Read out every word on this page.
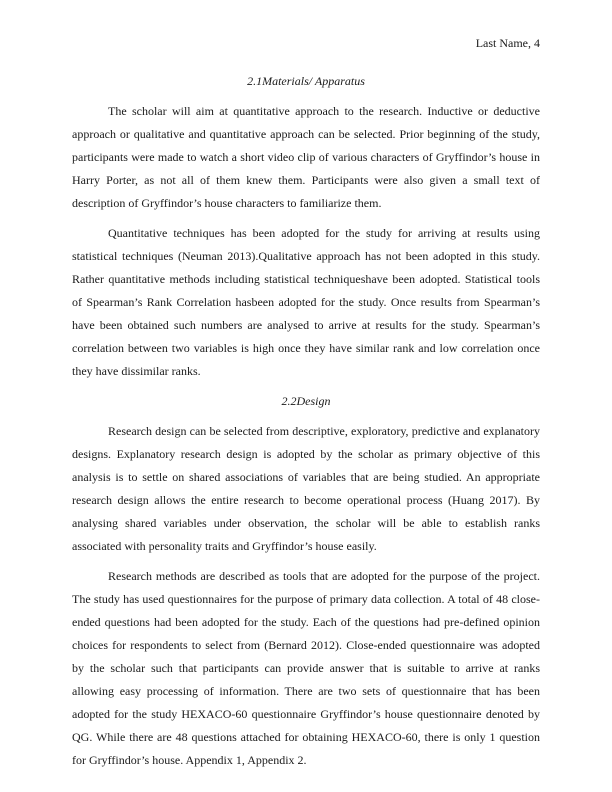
Last Name, 4

2.1Materials/ Apparatus

The scholar will aim at quantitative approach to the research. Inductive or deductive approach or qualitative and quantitative approach can be selected. Prior beginning of the study, participants were made to watch a short video clip of various characters of Gryffindor’s house in Harry Porter, as not all of them knew them. Participants were also given a small text of description of Gryffindor’s house characters to familiarize them.

Quantitative techniques has been adopted for the study for arriving at results using statistical techniques (Neuman 2013).Qualitative approach has not been adopted in this study. Rather quantitative methods including statistical techniqueshave been adopted. Statistical tools of Spearman’s Rank Correlation hasbeen adopted for the study. Once results from Spearman’s have been obtained such numbers are analysed to arrive at results for the study. Spearman’s correlation between two variables is high once they have similar rank and low correlation once they have dissimilar ranks.

2.2Design

Research design can be selected from descriptive, exploratory, predictive and explanatory designs. Explanatory research design is adopted by the scholar as primary objective of this analysis is to settle on shared associations of variables that are being studied. An appropriate research design allows the entire research to become operational process (Huang 2017). By analysing shared variables under observation, the scholar will be able to establish ranks associated with personality traits and Gryffindor’s house easily.

Research methods are described as tools that are adopted for the purpose of the project. The study has used questionnaires for the purpose of primary data collection. A total of 48 close-ended questions had been adopted for the study. Each of the questions had pre-defined opinion choices for respondents to select from (Bernard 2012). Close-ended questionnaire was adopted by the scholar such that participants can provide answer that is suitable to arrive at ranks allowing easy processing of information. There are two sets of questionnaire that has been adopted for the study HEXACO-60 questionnaire Gryffindor’s house questionnaire denoted by QG. While there are 48 questions attached for obtaining HEXACO-60, there is only 1 question for Gryffindor’s house. Appendix 1, Appendix 2.
